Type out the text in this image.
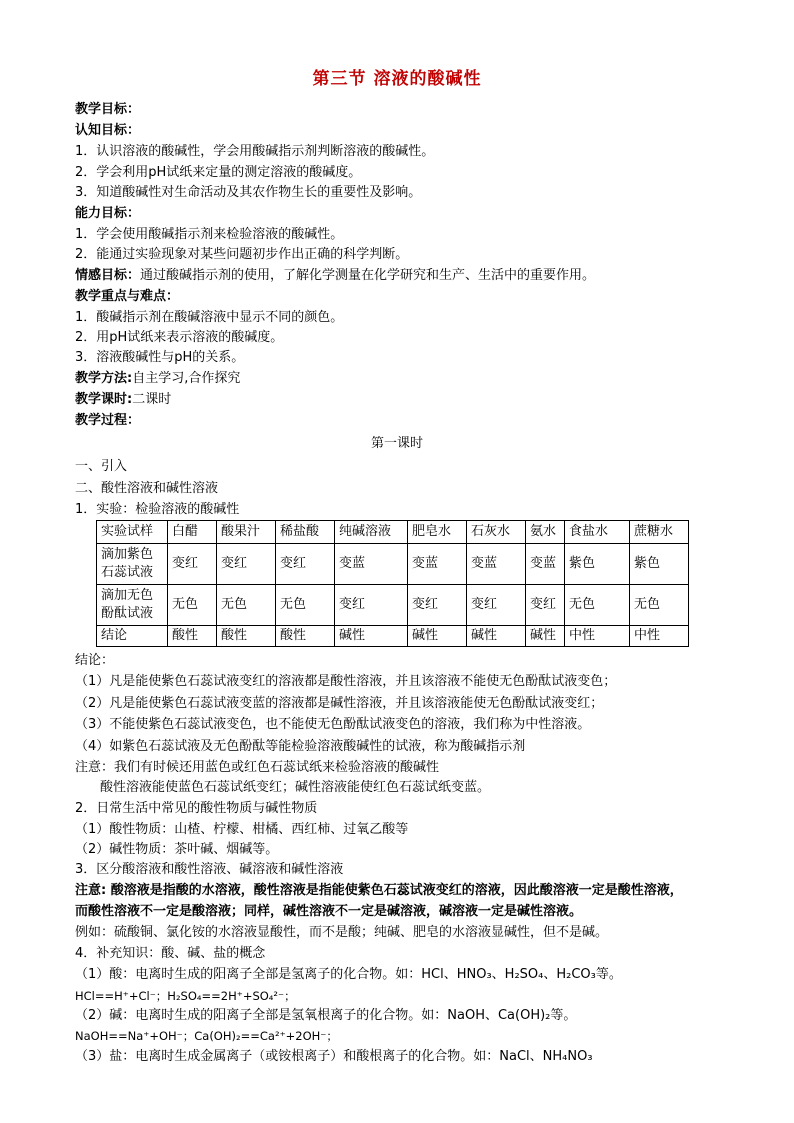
第三节 溶液的酸碱性
教学目标：
认知目标：
1．认识溶液的酸碱性，学会用酸碱指示剂判断溶液的酸碱性。
2．学会利用pH试纸来定量的测定溶液的酸碱度。
3．知道酸碱性对生命活动及其农作物生长的重要性及影响。
能力目标：
1．学会使用酸碱指示剂来检验溶液的酸碱性。
2．能通过实验现象对某些问题初步作出正确的科学判断。
情感目标：通过酸碱指示剂的使用，了解化学测量在化学研究和生产、生活中的重要作用。
教学重点与难点：
1．酸碱指示剂在酸碱溶液中显示不同的颜色。
2．用pH试纸来表示溶液的酸碱度。
3．溶液酸碱性与pH的关系。
教学方法:自主学习,合作探究
教学课时:二课时
教学过程：
第一课时
一、引入
二、酸性溶液和碱性溶液
1．实验：检验溶液的酸碱性
实验试样	白醋	酸果汁	稀盐酸	纯碱溶液	肥皂水	石灰水	氨水	食盐水	蔗糖水
滴加紫色石蕊试液	变红	变红	变红	变蓝	变蓝	变蓝	变蓝	紫色	紫色
滴加无色酚酞试液	无色	无色	无色	变红	变红	变红	变红	无色	无色
结论	酸性	酸性	酸性	碱性	碱性	碱性	碱性	中性	中性
结论：
（1）凡是能使紫色石蕊试液变红的溶液都是酸性溶液，并且该溶液不能使无色酚酞试液变色；
（2）凡是能使紫色石蕊试液变蓝的溶液都是碱性溶液，并且该溶液能使无色酚酞试液变红；
（3）不能使紫色石蕊试液变色，也不能使无色酚酞试液变色的溶液，我们称为中性溶液。
（4）如紫色石蕊试液及无色酚酞等能检验溶液酸碱性的试液，称为酸碱指示剂
注意：我们有时候还用蓝色或红色石蕊试纸来检验溶液的酸碱性
酸性溶液能使蓝色石蕊试纸变红；碱性溶液能使红色石蕊试纸变蓝。
2．日常生活中常见的酸性物质与碱性物质
（1）酸性物质：山楂、柠檬、柑橘、西红柿、过氧乙酸等
（2）碱性物质：茶叶碱、烟碱等。
3．区分酸溶液和酸性溶液、碱溶液和碱性溶液
注意: 酸溶液是指酸的水溶液，酸性溶液是指能使紫色石蕊试液变红的溶液，因此酸溶液一定是酸性溶液，
而酸性溶液不一定是酸溶液；同样，碱性溶液不一定是碱溶液，碱溶液一定是碱性溶液。
例如：硫酸铜、氯化铵的水溶液显酸性，而不是酸；纯碱、肥皂的水溶液显碱性，但不是碱。
4．补充知识：酸、碱、盐的概念
（1）酸：电离时生成的阳离子全部是氢离子的化合物。如：HCl、HNO₃、H₂SO₄、H₂CO₃等。
HCl==H⁺+Cl⁻；H₂SO₄==2H⁺+SO₄²⁻；
（2）碱：电离时生成的阳离子全部是氢氧根离子的化合物。如：NaOH、Ca(OH)₂等。
NaOH==Na⁺+OH⁻；Ca(OH)₂==Ca²⁺+2OH⁻；
（3）盐：电离时生成金属离子（或铵根离子）和酸根离子的化合物。如：NaCl、NH₄NO₃
